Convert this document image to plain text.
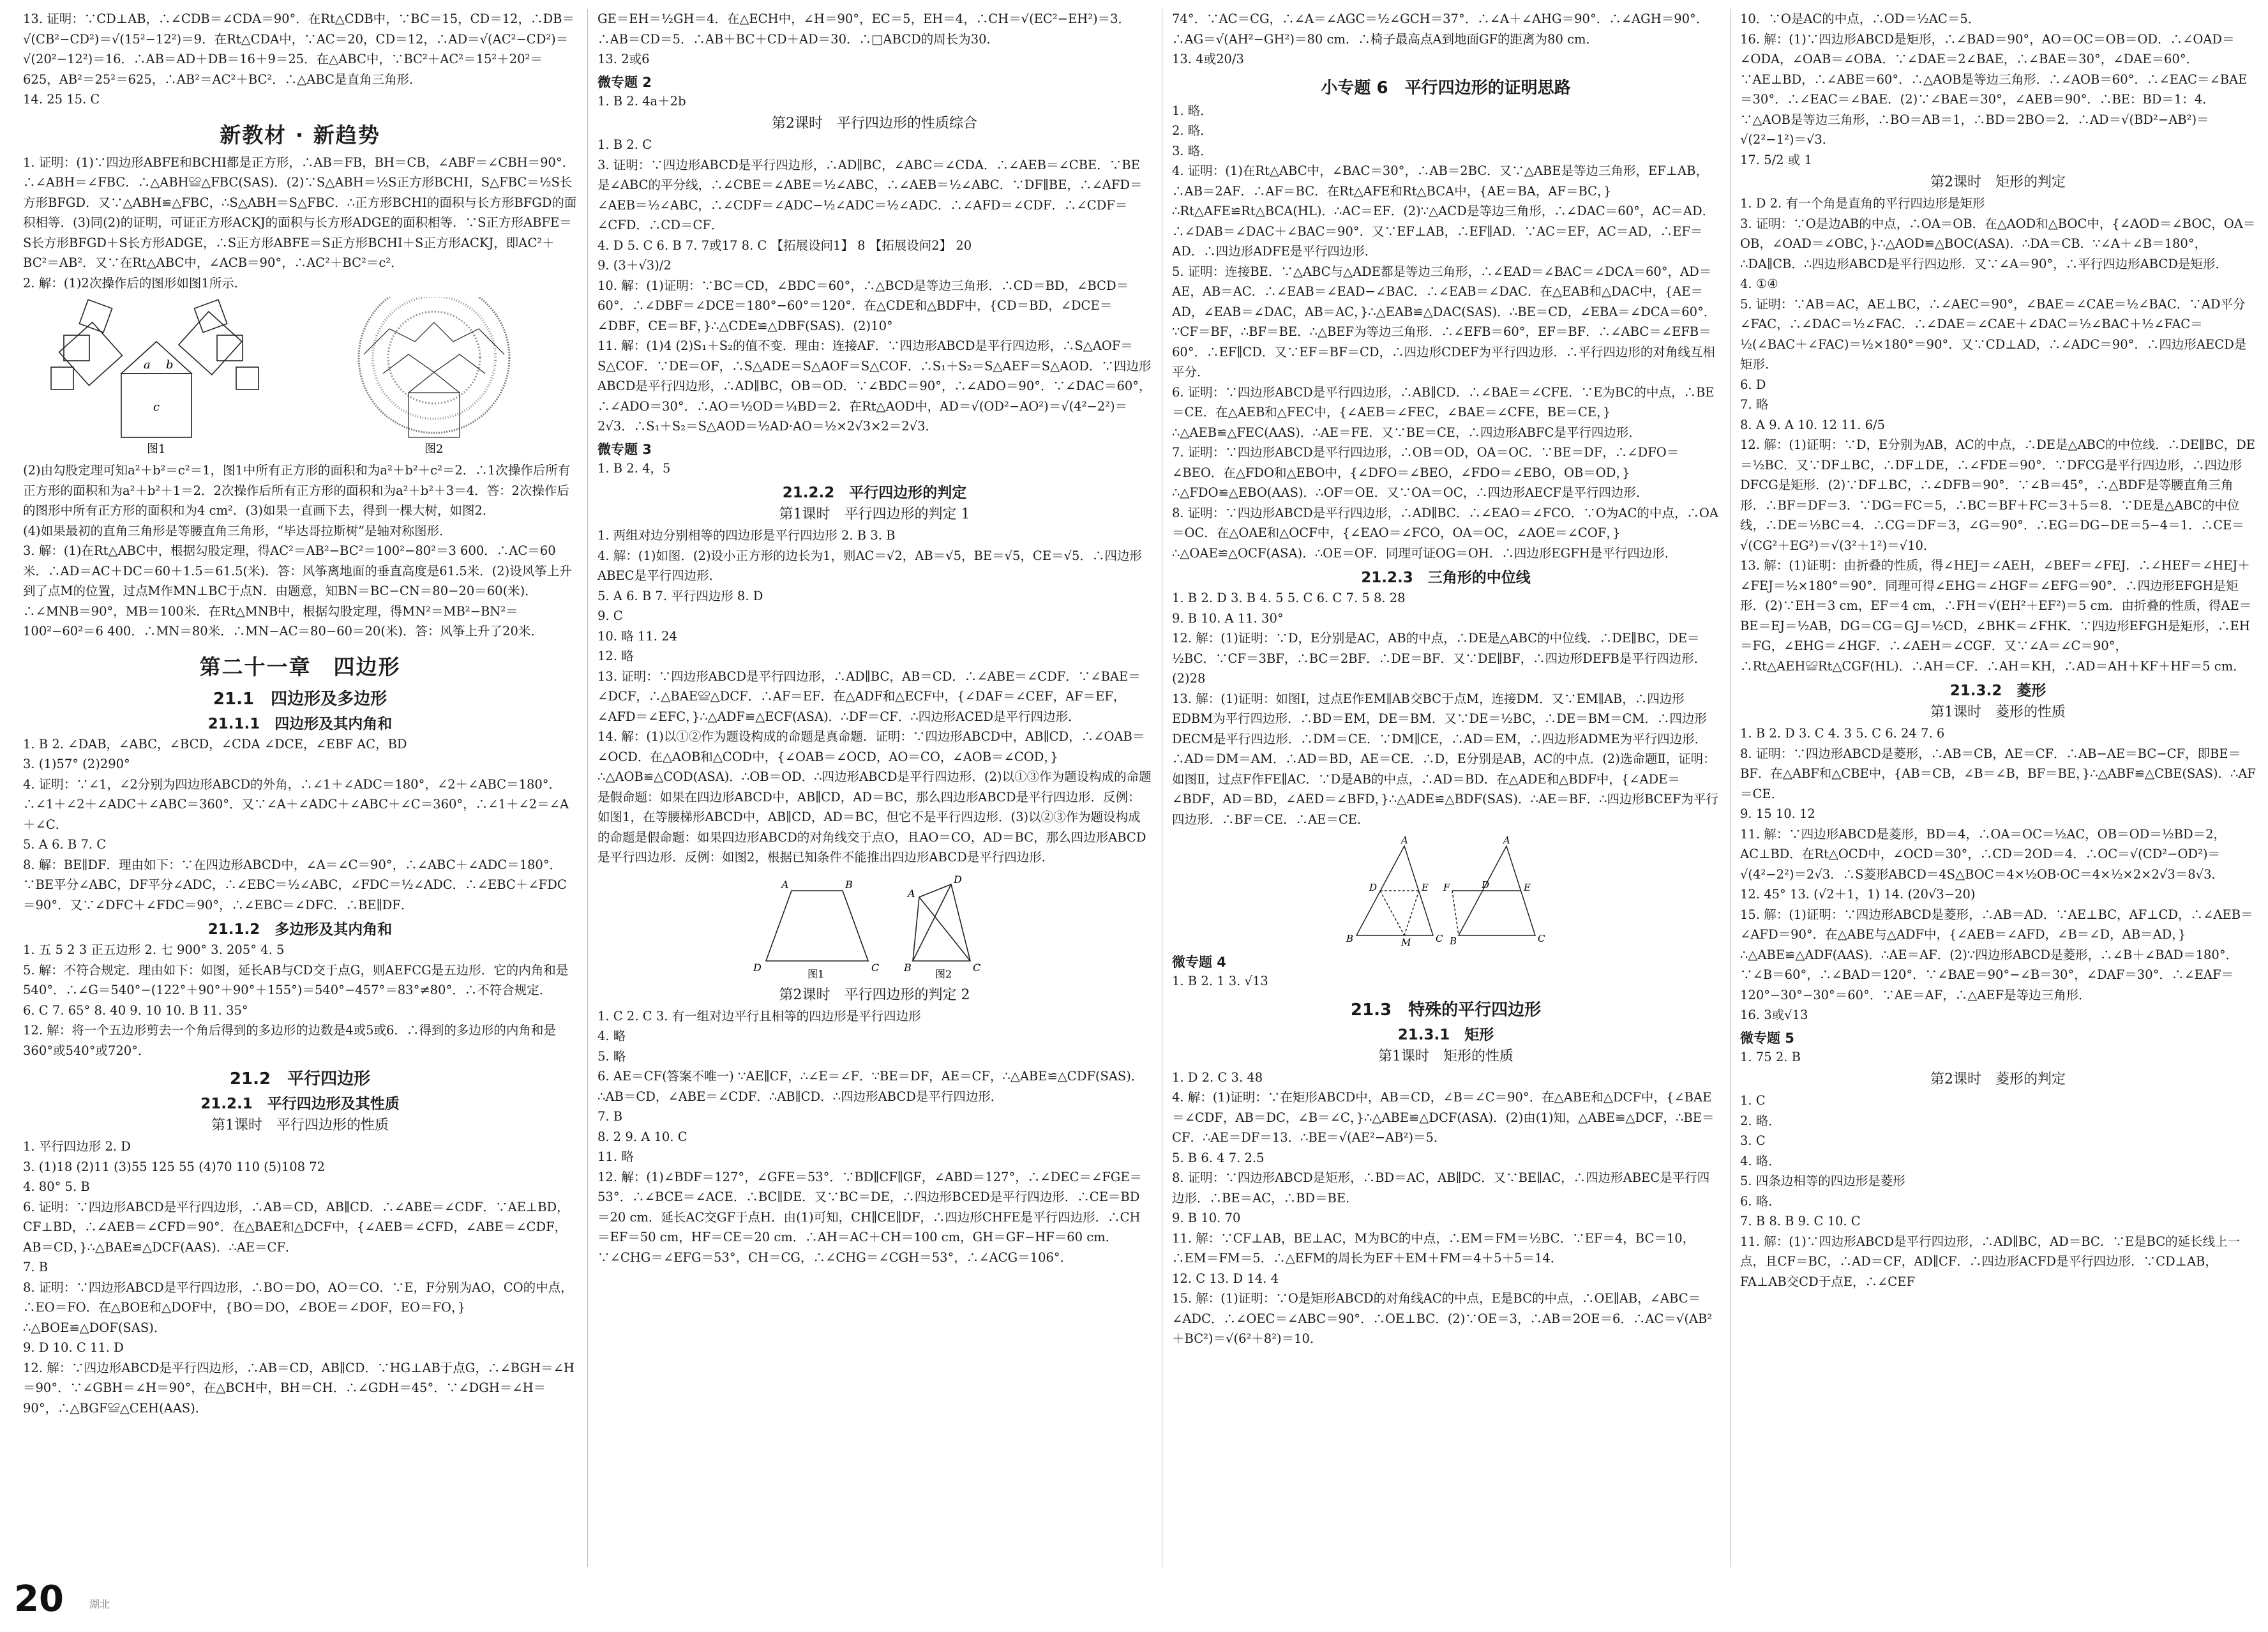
13. 证明：∵CD⊥AB，∴∠CDB＝∠CDA＝90°．在Rt△CDB中，∵BC＝15，CD＝12，∴DB＝√(CB²−CD²)＝√(15²−12²)＝9．在Rt△CDA中，∵AC＝20，CD＝12，∴AD＝√(AC²−CD²)＝√(20²−12²)＝16．∴AB＝AD＋DB＝16＋9＝25．在△ABC中，∵BC²＋AC²＝15²＋20²＝625，AB²＝25²＝625，∴AB²＝AC²＋BC²．∴△ABC是直角三角形．

14. 25 15. C

新教材 · 新趋势

1. 证明：(1)∵四边形ABFE和BCHI都是正方形，∴AB＝FB，BH＝CB，∠ABF＝∠CBH＝90°．∴∠ABH＝∠FBC．∴△ABH≌△FBC(SAS)．(2)∵S△ABH＝½S正方形BCHI，S△FBC＝½S长方形BFGD．又∵△ABH≌△FBC，∴S△ABH＝S△FBC．∴正方形BCHI的面积与长方形BFGD的面积相等．(3)同(2)的证明，可证正方形ACKJ的面积与长方形ADGE的面积相等．∵S正方形ABFE＝S长方形BFGD＋S长方形ADGE，∴S正方形ABFE＝S正方形BCHI＋S正方形ACKJ，即AC²＋BC²＝AB²．又∵在Rt△ABC中，∠ACB＝90°，∴AC²＋BC²＝c²．

2. 解：(1)2次操作后的图形如图1所示．

a b
c
图1	图2

(2)由勾股定理可知a²＋b²＝c²＝1，图1中所有正方形的面积和为a²＋b²＋c²＝2．∴1次操作后所有正方形的面积和为a²＋b²＋1＝2．2次操作后所有正方形的面积和为a²＋b²＋3＝4．答：2次操作后的图形中所有正方形的面积和为4 cm²．(3)如果一直画下去，得到一棵大树，如图2．

(4)如果最初的直角三角形是等腰直角三角形，“毕达哥拉斯树”是轴对称图形．

3. 解：(1)在Rt△ABC中，根据勾股定理，得AC²＝AB²−BC²＝100²−80²＝3 600．∴AC＝60米．∴AD＝AC＋DC＝60＋1.5＝61.5(米)．答：风筝离地面的垂直高度是61.5米．(2)设风筝上升到了点M的位置，过点M作MN⊥BC于点N．由题意，知BN＝BC−CN＝80−20＝60(米)．∴∠MNB＝90°，MB＝100米．在Rt△MNB中，根据勾股定理，得MN²＝MB²−BN²＝100²−60²＝6 400．∴MN＝80米．∴MN−AC＝80−60＝20(米)．答：风筝上升了20米．

第二十一章　四边形
21.1　四边形及多边形
21.1.1　四边形及其内角和

1. B 2. ∠DAB，∠ABC，∠BCD，∠CDA ∠DCE，∠EBF AC，BD

3. (1)57° (2)290°

4. 证明：∵∠1，∠2分别为四边形ABCD的外角，∴∠1＋∠ADC＝180°，∠2＋∠ABC＝180°．∴∠1＋∠2＋∠ADC＋∠ABC＝360°．又∵∠A＋∠ADC＋∠ABC＋∠C＝360°，∴∠1＋∠2＝∠A＋∠C．

5. A 6. B 7. C

8. 解：BE∥DF．理由如下：∵在四边形ABCD中，∠A＝∠C＝90°，∴∠ABC＋∠ADC＝180°．∵BE平分∠ABC，DF平分∠ADC，∴∠EBC＝½∠ABC，∠FDC＝½∠ADC．∴∠EBC＋∠FDC＝90°．又∵∠DFC＋∠FDC＝90°，∴∠EBC＝∠DFC．∴BE∥DF．

21.1.2　多边形及其内角和

1. 五 5 2 3 正五边形 2. 七 900° 3. 205° 4. 5

5. 解：不符合规定．理由如下：如图，延长AB与CD交于点G，则AEFCG是五边形．它的内角和是540°．∴∠G＝540°−(122°＋90°＋90°＋155°)＝540°−457°＝83°≠80°．∴不符合规定．

6. C 7. 65° 8. 40 9. 10 10. B 11. 35°

12. 解：将一个五边形剪去一个角后得到的多边形的边数是4或5或6．∴得到的多边形的内角和是360°或540°或720°．

21.2　平行四边形
21.2.1　平行四边形及其性质
第1课时　平行四边形的性质

1. 平行四边形 2. D

3. (1)18 (2)11 (3)55 125 55 (4)70 110 (5)108 72

4. 80° 5. B

6. 证明：∵四边形ABCD是平行四边形，∴AB＝CD，AB∥CD．∴∠ABE＝∠CDF．∵AE⊥BD，CF⊥BD，∴∠AEB＝∠CFD＝90°．在△BAE和△DCF中，{∠AEB＝∠CFD，∠ABE＝∠CDF，AB＝CD，}∴△BAE≌△DCF(AAS)．∴AE＝CF．

7. B

8. 证明：∵四边形ABCD是平行四边形，∴BO＝DO，AO＝CO．∵E，F分别为AO，CO的中点，∴EO＝FO．在△BOE和△DOF中，{BO＝DO，∠BOE＝∠DOF，EO＝FO，}∴△BOE≌△DOF(SAS)．

9. D 10. C 11. D

12. 解：∵四边形ABCD是平行四边形，∴AB＝CD，AB∥CD．∵HG⊥AB于点G，∴∠BGH＝∠H＝90°．∵∠GBH＝∠H＝90°，在△BCH中，BH＝CH．∴∠GDH＝45°．∵∠DGH＝∠H＝90°，∴△BGF≌△CEH(AAS)．

GE＝EH＝½GH＝4．在△ECH中，∠H＝90°，EC＝5，EH＝4，∴CH＝√(EC²−EH²)＝3．∴AB＝CD＝5．∴AB＋BC＋CD＋AD＝30．∴□ABCD的周长为30．

13. 2或6

微专题 2

1. B 2. 4a＋2b

第2课时　平行四边形的性质综合

1. B 2. C

3. 证明：∵四边形ABCD是平行四边形，∴AD∥BC，∠ABC＝∠CDA．∴∠AEB＝∠CBE．∵BE是∠ABC的平分线，∴∠CBE＝∠ABE＝½∠ABC，∴∠AEB＝½∠ABC．∵DF∥BE，∴∠AFD＝∠AEB＝½∠ABC，∴∠CDF＝∠ADC−½∠ADC＝½∠ADC．∴∠AFD＝∠CDF．∴∠CDF＝∠CFD．∴CD＝CF．

4. D 5. C 6. B 7. 7或17 8. C 【拓展设问1】 8 【拓展设问2】 20

9. (3＋√3)/2

10. 解：(1)证明：∵BC＝CD，∠BDC＝60°，∴△BCD是等边三角形．∴CD＝BD，∠BCD＝60°．∴∠DBF＝∠DCE＝180°−60°＝120°．在△CDE和△BDF中，{CD＝BD，∠DCE＝∠DBF，CE＝BF，}∴△CDE≌△DBF(SAS)．(2)10°

11. 解：(1)4 (2)S₁＋S₂的值不变．理由：连接AF．∵四边形ABCD是平行四边形，∴S△AOF＝S△COF．∵DE＝OF，∴S△ADE＝S△AOF＝S△COF．∴S₁＋S₂＝S△AEF＝S△AOD．∵四边形ABCD是平行四边形，∴AD∥BC，OB＝OD．∵∠BDC＝90°，∴∠ADO＝90°．∵∠DAC＝60°，∴∠ADO＝30°．∴AO＝½OD＝¼BD＝2．在Rt△AOD中，AD＝√(OD²−AO²)＝√(4²−2²)＝2√3．∴S₁＋S₂＝S△AOD＝½AD·AO＝½×2√3×2＝2√3．

微专题 3

1. B 2. 4，5

21.2.2　平行四边形的判定
第1课时　平行四边形的判定 1

1. 两组对边分别相等的四边形是平行四边形 2. B 3. B

4. 解：(1)如图．(2)设小正方形的边长为1，则AC＝√2，AB＝√5，BE＝√5，CE＝√5．∴四边形ABEC是平行四边形．

5. A 6. B 7. 平行四边形 8. D

9. C

10. 略 11. 24

12. 略

13. 证明：∵四边形ABCD是平行四边形，∴AD∥BC，AB＝CD．∴∠ABE＝∠CDF．∵∠BAE＝∠DCF，∴△BAE≌△DCF．∴AF＝EF．在△ADF和△ECF中，{∠DAF＝∠CEF，AF＝EF，∠AFD＝∠EFC，}∴△ADF≌△ECF(ASA)．∴DF＝CF．∴四边形ACED是平行四边形．

14. 解：(1)以①②作为题设构成的命题是真命题．证明：∵四边形ABCD中，AB∥CD，∴∠OAB＝∠OCD．在△AOB和△COD中，{∠OAB＝∠OCD，AO＝CO，∠AOB＝∠COD，}∴△AOB≌△COD(ASA)．∴OB＝OD．∴四边形ABCD是平行四边形．(2)以①③作为题设构成的命题是假命题：如果在四边形ABCD中，AB∥CD，AD＝BC，那么四边形ABCD是平行四边形．反例：如图1，在等腰梯形ABCD中，AB∥CD，AD＝BC，但它不是平行四边形．(3)以②③作为题设构成的命题是假命题：如果四边形ABCD的对角线交于点O，且AO＝CO，AD＝BC，那么四边形ABCD是平行四边形．反例：如图2，根据已知条件不能推出四边形ABCD是平行四边形．

D	C
B
A
图1
B	C
D
A
图2
第2课时　平行四边形的判定 2

1. C 2. C 3. 有一组对边平行且相等的四边形是平行四边形

4. 略

5. 略

6. AE＝CF(答案不唯一) ∵AE∥CF，∴∠E＝∠F．∵BE＝DF，AE＝CF，∴△ABE≌△CDF(SAS)．∴AB＝CD，∠ABE＝∠CDF．∴AB∥CD．∴四边形ABCD是平行四边形．

7. B

8. 2 9. A 10. C

11. 略

12. 解：(1)∠BDF＝127°，∠GFE＝53°．∵BD∥CF∥GF，∠ABD＝127°，∴∠DEC＝∠FGE＝53°．∴∠BCE＝∠ACE．∴BC∥DE．又∵BC＝DE，∴四边形BCED是平行四边形．∴CE＝BD＝20 cm．延长AC交GF于点H．由(1)可知，CH∥CE∥DF，∴四边形CHFE是平行四边形．∴CH＝EF＝50 cm，HF＝CE＝20 cm．∴AH＝AC＋CH＝100 cm，GH＝GF−HF＝60 cm．∵∠CHG＝∠EFG＝53°，CH＝CG，∴∠CHG＝∠CGH＝53°，∴∠ACG＝106°．

74°．∵AC＝CG，∴∠A＝∠AGC＝½∠GCH＝37°．∴∠A＋∠AHG＝90°．∴∠AGH＝90°．∴AG＝√(AH²−GH²)＝80 cm．∴椅子最高点A到地面GF的距离为80 cm．

13. 4或20/3

小专题 6　平行四边形的证明思路

1. 略．

2. 略．

3. 略．

4. 证明：(1)在Rt△ABC中，∠BAC＝30°，∴AB＝2BC．又∵△ABE是等边三角形，EF⊥AB，∴AB＝2AF．∴AF＝BC．在Rt△AFE和Rt△BCA中，{AE＝BA，AF＝BC，}∴Rt△AFE≌Rt△BCA(HL)．∴AC＝EF．(2)∵△ACD是等边三角形，∴∠DAC＝60°，AC＝AD．∴∠DAB＝∠DAC＋∠BAC＝90°．又∵EF⊥AB，∴EF∥AD．∵AC＝EF，AC＝AD，∴EF＝AD．∴四边形ADFE是平行四边形．

5. 证明：连接BE．∵△ABC与△ADE都是等边三角形，∴∠EAD＝∠BAC＝∠DCA＝60°，AD＝AE，AB＝AC．∴∠EAB＝∠EAD−∠BAC．∴∠EAB＝∠DAC．在△EAB和△DAC中，{AE＝AD，∠EAB＝∠DAC，AB＝AC，}∴△EAB≌△DAC(SAS)．∴BE＝CD，∠EBA＝∠DCA＝60°．∵CF＝BF，∴BF＝BE．∴△BEF为等边三角形．∴∠EFB＝60°，EF＝BF．∴∠ABC＝∠EFB＝60°．∴EF∥CD．又∵EF＝BF＝CD，∴四边形CDEF为平行四边形．∴平行四边形的对角线互相平分．

6. 证明：∵四边形ABCD是平行四边形，∴AB∥CD．∴∠BAE＝∠CFE．∵E为BC的中点，∴BE＝CE．在△AEB和△FEC中，{∠AEB＝∠FEC，∠BAE＝∠CFE，BE＝CE，}∴△AEB≌△FEC(AAS)．∴AE＝FE．又∵BE＝CE，∴四边形ABFC是平行四边形．

7. 证明：∵四边形ABCD是平行四边形，∴OB＝OD，OA＝OC．∵BE＝DF，∴∠DFO＝∠BEO．在△FDO和△EBO中，{∠DFO＝∠BEO，∠FDO＝∠EBO，OB＝OD，}∴△FDO≌△EBO(AAS)．∴OF＝OE．又∵OA＝OC，∴四边形AECF是平行四边形．

8. 证明：∵四边形ABCD是平行四边形，∴AD∥BC．∴∠EAO＝∠FCO．∵O为AC的中点，∴OA＝OC．在△OAE和△OCF中，{∠EAO＝∠FCO，OA＝OC，∠AOE＝∠COF，}∴△OAE≌△OCF(ASA)．∴OE＝OF．同理可证OG＝OH．∴四边形EGFH是平行四边形．

21.2.3　三角形的中位线

1. B 2. D 3. B 4. 5 5. C 6. C 7. 5 8. 28

9. B 10. A 11. 30°

12. 解：(1)证明：∵D，E分别是AC，AB的中点，∴DE是△ABC的中位线．∴DE∥BC，DE＝½BC．∵CF＝3BF，∴BC＝2BF．∴DE＝BF．又∵DE∥BF，∴四边形DEFB是平行四边形．(2)28

13. 解：(1)证明：如图Ⅰ，过点E作EM∥AB交BC于点M，连接DM．又∵EM∥AB，∴四边形EDBM为平行四边形．∴BD＝EM，DE＝BM．又∵DE＝½BC，∴DE＝BM＝CM．∴四边形DECM是平行四边形．∴DM＝CE．∵DM∥CE，∴AD＝EM，∴四边形ADME为平行四边形．∴AD＝DM＝AM．∴AD＝BD，AE＝CE．∴D，E分别是AB，AC的中点．(2)选命题Ⅱ，证明：如图Ⅱ，过点F作FE∥AC．∵D是AB的中点，∴AD＝BD．在△ADE和△BDF中，{∠ADE＝∠BDF，AD＝BD，∠AED＝∠BFD，}∴△ADE≌△BDF(SAS)．∴AE＝BF．∴四边形BCEF为平行四边形．∴BF＝CE．∴AE＝CE．

A
B	C
D	E
M
A
B	C
D	E
F
微专题 4

1. B 2. 1 3. √13

21.3　特殊的平行四边形
21.3.1　矩形
第1课时　矩形的性质

1. D 2. C 3. 48

4. 解：(1)证明：∵在矩形ABCD中，AB＝CD，∠B＝∠C＝90°．在△ABE和△DCF中，{∠BAE＝∠CDF，AB＝DC，∠B＝∠C，}∴△ABE≌△DCF(ASA)．(2)由(1)知，△ABE≌△DCF，∴BE＝CF．∴AE＝DF＝13．∴BE＝√(AE²−AB²)＝5．

5. B 6. 4 7. 2.5

8. 证明：∵四边形ABCD是矩形，∴BD＝AC，AB∥DC．又∵BE∥AC，∴四边形ABEC是平行四边形．∴BE＝AC，∴BD＝BE．

9. B 10. 70

11. 解：∵CF⊥AB，BE⊥AC，M为BC的中点，∴EM＝FM＝½BC．∵EF＝4，BC＝10，∴EM＝FM＝5．∴△EFM的周长为EF＋EM＋FM＝4＋5＋5＝14．

12. C 13. D 14. 4

15. 解：(1)证明：∵O是矩形ABCD的对角线AC的中点，E是BC的中点，∴OE∥AB，∠ABC＝∠ADC．∴∠OEC＝∠ABC＝90°．∴OE⊥BC．(2)∵OE＝3，∴AB＝2OE＝6．∴AC＝√(AB²＋BC²)＝√(6²＋8²)＝10．

10．∵O是AC的中点，∴OD＝½AC＝5．

16. 解：(1)∵四边形ABCD是矩形，∴∠BAD＝90°，AO＝OC＝OB＝OD．∴∠OAD＝∠ODA，∠OAB＝∠OBA．∵∠DAE＝2∠BAE，∴∠BAE＝30°，∠DAE＝60°．∵AE⊥BD，∴∠ABE＝60°．∴△AOB是等边三角形．∴∠AOB＝60°．∴∠EAC＝∠BAE＝30°．∴∠EAC＝∠BAE．(2)∵∠BAE＝30°，∠AEB＝90°．∴BE：BD＝1：4．∵△AOB是等边三角形，∴BO＝AB＝1，∴BD＝2BO＝2．∴AD＝√(BD²−AB²)＝√(2²−1²)＝√3．

17. 5/2 或 1

第2课时　矩形的判定

1. D 2. 有一个角是直角的平行四边形是矩形

3. 证明：∵O是边AB的中点，∴OA＝OB．在△AOD和△BOC中，{∠AOD＝∠BOC，OA＝OB，∠OAD＝∠OBC，}∴△AOD≌△BOC(ASA)．∴DA＝CB．∵∠A＋∠B＝180°，∴DA∥CB．∴四边形ABCD是平行四边形．又∵∠A＝90°，∴平行四边形ABCD是矩形．

4. ①④

5. 证明：∵AB＝AC，AE⊥BC，∴∠AEC＝90°，∠BAE＝∠CAE＝½∠BAC．∵AD平分∠FAC，∴∠DAC＝½∠FAC．∴∠DAE＝∠CAE＋∠DAC＝½∠BAC＋½∠FAC＝½(∠BAC＋∠FAC)＝½×180°＝90°．又∵CD⊥AD，∴∠ADC＝90°．∴四边形AECD是矩形．

6. D

7. 略

8. A 9. A 10. 12 11. 6/5

12. 解：(1)证明：∵D，E分别为AB，AC的中点，∴DE是△ABC的中位线．∴DE∥BC，DE＝½BC．又∵DF⊥BC，∴DF⊥DE，∴∠FDE＝90°．∵DFCG是平行四边形，∴四边形DFCG是矩形．(2)∵DF⊥BC，∴∠DFB＝90°．∵∠B＝45°，∴△BDF是等腰直角三角形．∴BF＝DF＝3．∵DG＝FC＝5，∴BC＝BF＋FC＝3＋5＝8．∵DE是△ABC的中位线，∴DE＝½BC＝4．∴CG＝DF＝3，∠G＝90°．∴EG＝DG−DE＝5−4＝1．∴CE＝√(CG²＋EG²)＝√(3²＋1²)＝√10．

13. 解：(1)证明：由折叠的性质，得∠HEJ＝∠AEH，∠BEF＝∠FEJ．∴∠HEF＝∠HEJ＋∠FEJ＝½×180°＝90°．同理可得∠EHG＝∠HGF＝∠EFG＝90°．∴四边形EFGH是矩形．(2)∵EH＝3 cm，EF＝4 cm，∴FH＝√(EH²＋EF²)＝5 cm．由折叠的性质，得AE＝BE＝EJ＝½AB，DG＝CG＝GJ＝½CD，∠BHK＝∠FHK．∵四边形EFGH是矩形，∴EH＝FG，∠EHG＝∠HGF．∴∠AEH＝∠CGF．又∵∠A＝∠C＝90°，∴Rt△AEH≌Rt△CGF(HL)．∴AH＝CF．∴AH＝KH，∴AD＝AH＋KF＋HF＝5 cm．

21.3.2　菱形
第1课时　菱形的性质

1. B 2. D 3. C 4. 3 5. C 6. 24 7. 6

8. 证明：∵四边形ABCD是菱形，∴AB＝CB，AE＝CF．∴AB−AE＝BC−CF，即BE＝BF．在△ABF和△CBE中，{AB＝CB，∠B＝∠B，BF＝BE，}∴△ABF≌△CBE(SAS)．∴AF＝CE．

9. 15 10. 12

11. 解：∵四边形ABCD是菱形，BD＝4，∴OA＝OC＝½AC，OB＝OD＝½BD＝2，AC⊥BD．在Rt△OCD中，∠OCD＝30°，∴CD＝2OD＝4．∴OC＝√(CD²−OD²)＝√(4²−2²)＝2√3．∴S菱形ABCD＝4S△BOC＝4×½OB·OC＝4×½×2×2√3＝8√3．

12. 45° 13. (√2＋1，1) 14. (20√3−20)

15. 解：(1)证明：∵四边形ABCD是菱形，∴AB＝AD．∵AE⊥BC，AF⊥CD，∴∠AEB＝∠AFD＝90°．在△ABE与△ADF中，{∠AEB＝∠AFD，∠B＝∠D，AB＝AD，}∴△ABE≌△ADF(AAS)．∴AE＝AF．(2)∵四边形ABCD是菱形，∴∠B＋∠BAD＝180°．∵∠B＝60°，∴∠BAD＝120°．∵∠BAE＝90°−∠B＝30°，∠DAF＝30°．∴∠EAF＝120°−30°−30°＝60°．∵AE＝AF，∴△AEF是等边三角形．

16. 3或√13

微专题 5

1. 75 2. B

第2课时　菱形的判定

1. C

2. 略．

3. C

4. 略．

5. 四条边相等的四边形是菱形

6. 略．

7. B 8. B 9. C 10. C

11. 解：(1)∵四边形ABCD是平行四边形，∴AD∥BC，AD＝BC．∵E是BC的延长线上一点，且CF＝BC，∴AD＝CF，AD∥CF．∴四边形ACFD是平行四边形．∵CD⊥AB，FA⊥AB交CD于点E，∴∠CEF

20	湖北
